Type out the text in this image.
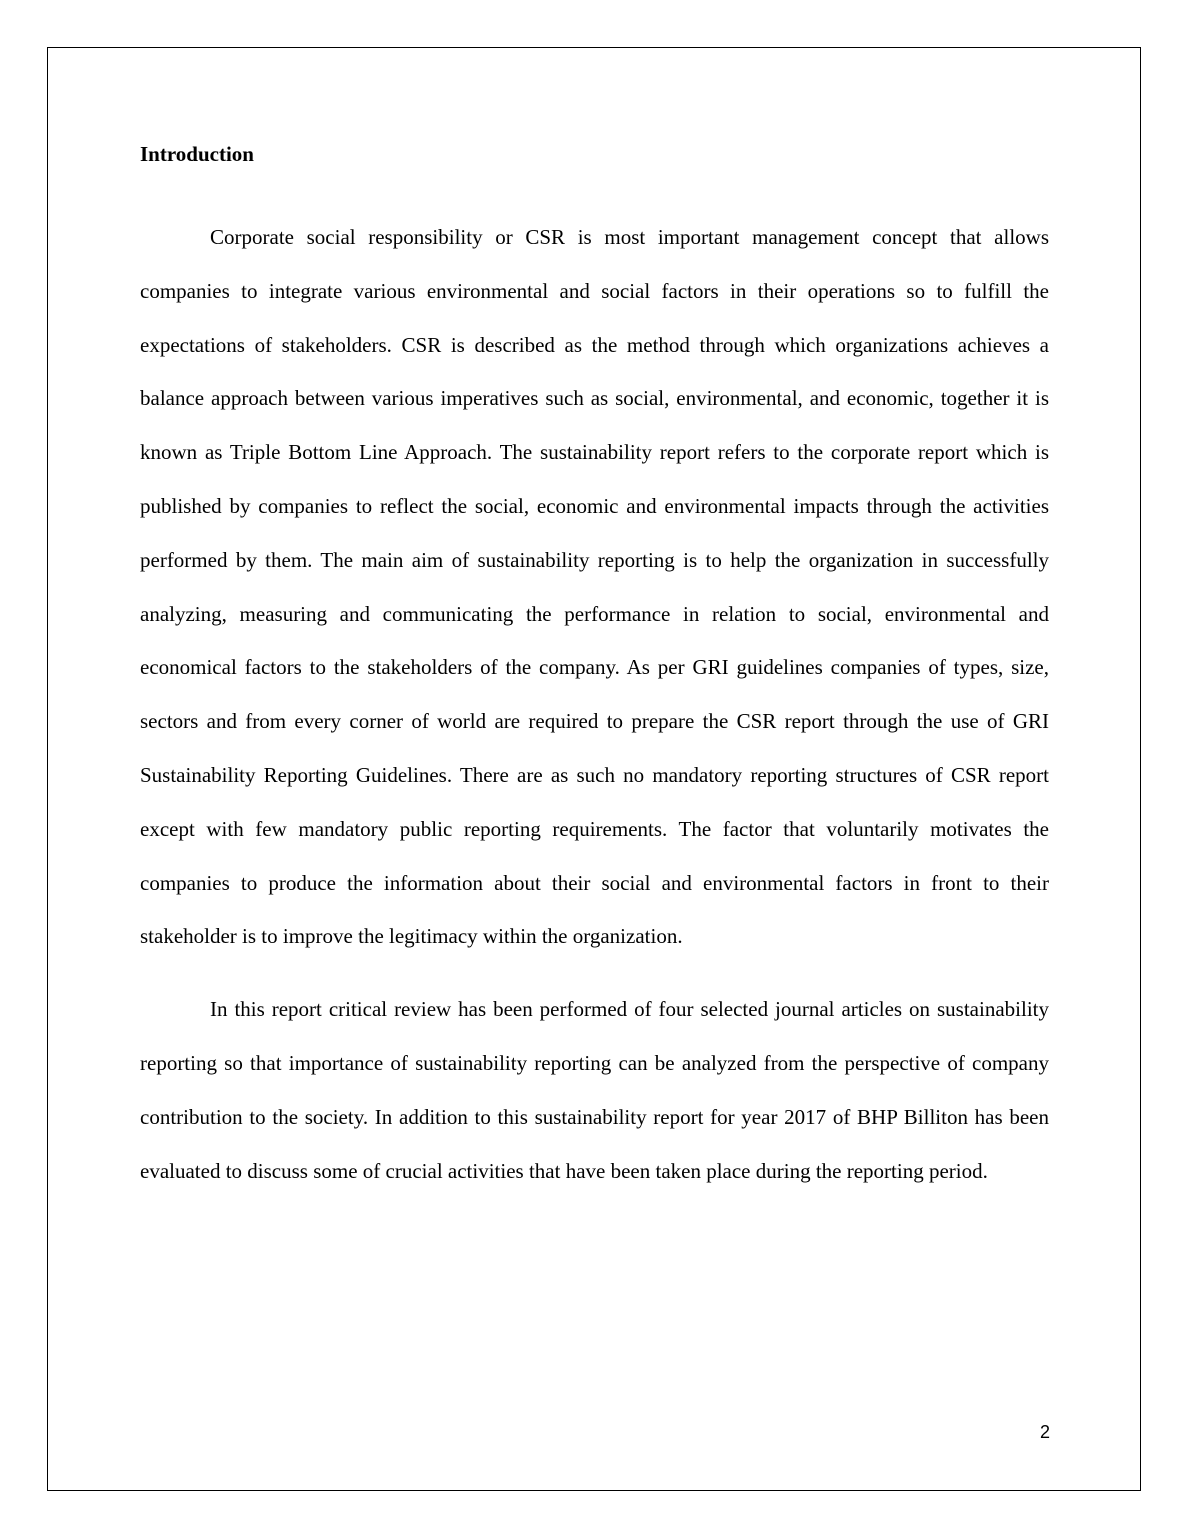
Introduction

Corporate social responsibility or CSR is most important management concept that allows companies to integrate various environmental and social factors in their operations so to fulfill the expectations of stakeholders. CSR is described as the method through which organizations achieves a balance approach between various imperatives such as social, environmental, and economic, together it is known as Triple Bottom Line Approach. The sustainability report refers to the corporate report which is published by companies to reflect the social, economic and environmental impacts through the activities performed by them. The main aim of sustainability reporting is to help the organization in successfully analyzing, measuring and communicating the performance in relation to social, environmental and economical factors to the stakeholders of the company. As per GRI guidelines companies of types, size, sectors and from every corner of world are required to prepare the CSR report through the use of GRI Sustainability Reporting Guidelines. There are as such no mandatory reporting structures of CSR report except with few mandatory public reporting requirements. The factor that voluntarily motivates the companies to produce the information about their social and environmental factors in front to their stakeholder is to improve the legitimacy within the organization.

In this report critical review has been performed of four selected journal articles on sustainability reporting so that importance of sustainability reporting can be analyzed from the perspective of company contribution to the society. In addition to this sustainability report for year 2017 of BHP Billiton has been evaluated to discuss some of crucial activities that have been taken place during the reporting period.

2
